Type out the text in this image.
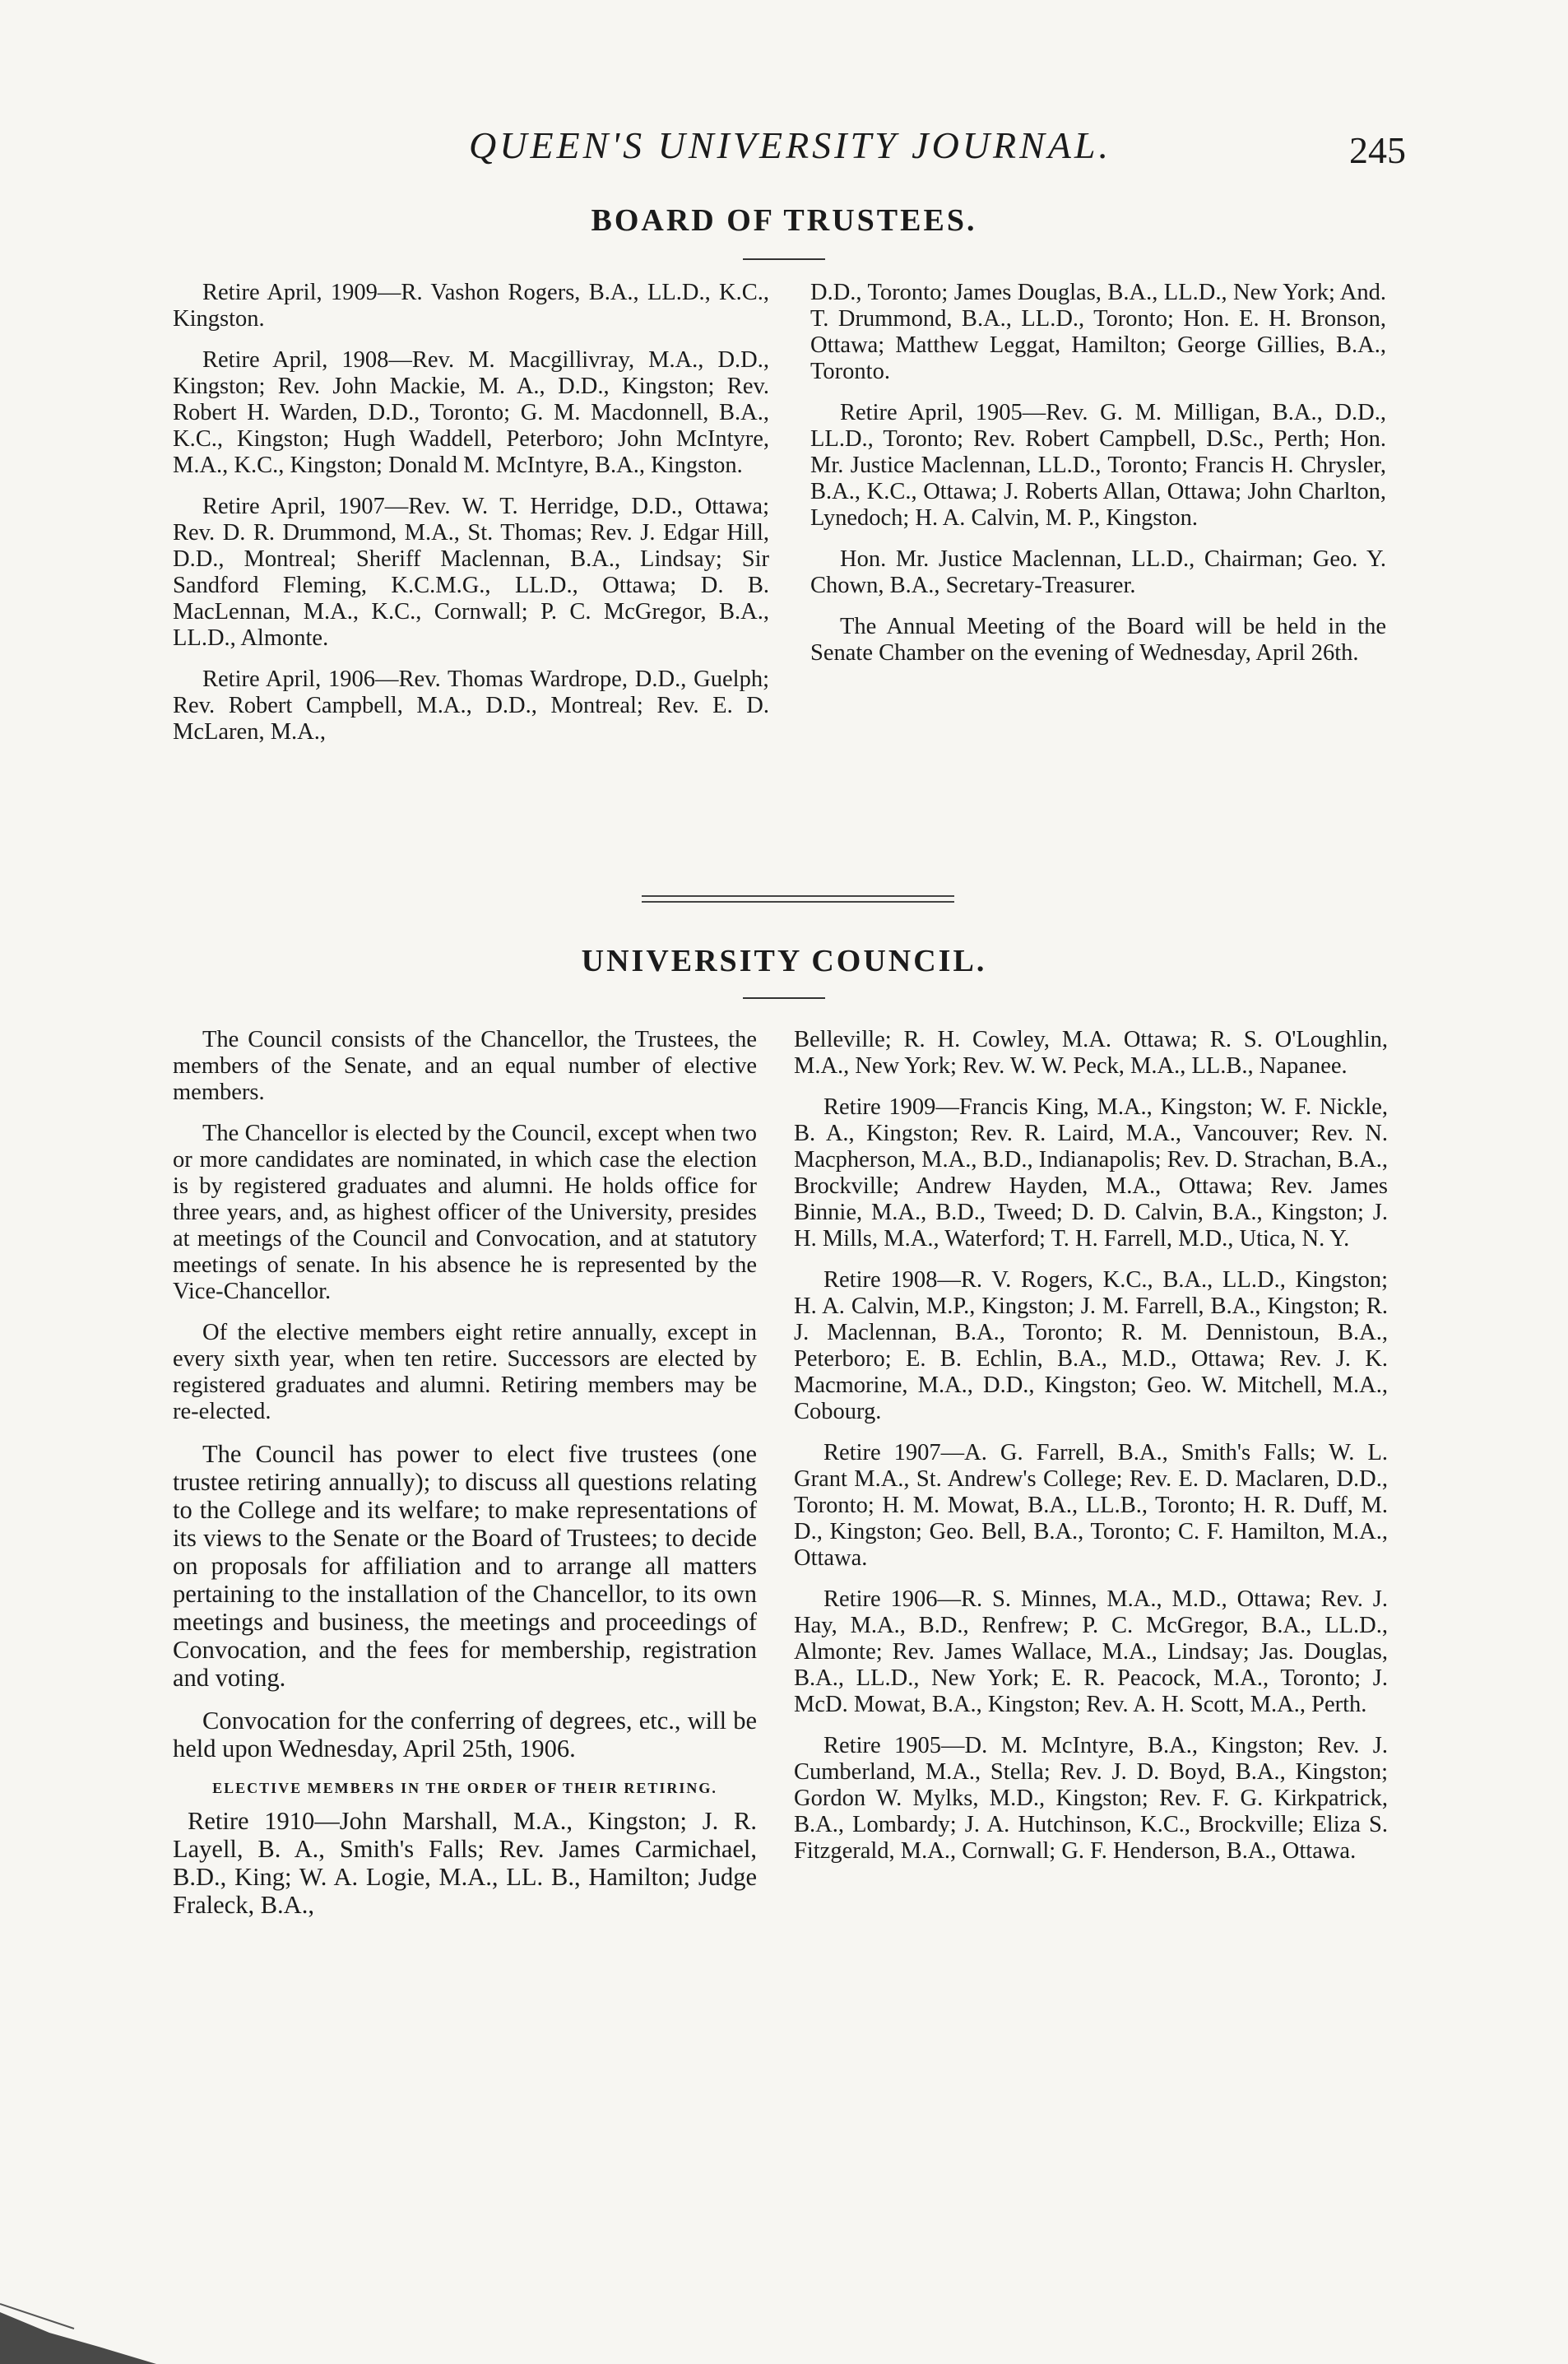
QUEEN'S UNIVERSITY JOURNAL.	245
BOARD OF TRUSTEES.

Retire April, 1909—R. Vashon Rogers, B.A., LL.D., K.C., Kingston.

Retire April, 1908—Rev. M. Macgillivray, M.A., D.D., Kingston; Rev. John Mackie, M. A., D.D., Kingston; Rev. Robert H. Warden, D.D., Toronto; G. M. Macdonnell, B.A., K.C., Kingston; Hugh Waddell, Peterboro; John McIntyre, M.A., K.C., Kingston; Donald M. McIntyre, B.A., Kingston.

Retire April, 1907—Rev. W. T. Herridge, D.D., Ottawa; Rev. D. R. Drummond, M.A., St. Thomas; Rev. J. Edgar Hill, D.D., Montreal; Sheriff Maclennan, B.A., Lindsay; Sir Sandford Fleming, K.C.M.G., LL.D., Ottawa; D. B. MacLennan, M.A., K.C., Cornwall; P. C. McGregor, B.A., LL.D., Almonte.

Retire April, 1906—Rev. Thomas Wardrope, D.D., Guelph; Rev. Robert Campbell, M.A., D.D., Montreal; Rev. E. D. McLaren, M.A.,

D.D., Toronto; James Douglas, B.A., LL.D., New York; And. T. Drummond, B.A., LL.D., Toronto; Hon. E. H. Bronson, Ottawa; Matthew Leggat, Hamilton; George Gillies, B.A., Toronto.

Retire April, 1905—Rev. G. M. Milligan, B.A., D.D., LL.D., Toronto; Rev. Robert Campbell, D.Sc., Perth; Hon. Mr. Justice Maclennan, LL.D., Toronto; Francis H. Chrysler, B.A., K.C., Ottawa; J. Roberts Allan, Ottawa; John Charlton, Lynedoch; H. A. Calvin, M. P., Kingston.

Hon. Mr. Justice Maclennan, LL.D., Chairman; Geo. Y. Chown, B.A., Secretary-Treasurer.

The Annual Meeting of the Board will be held in the Senate Chamber on the evening of Wednesday, April 26th.

UNIVERSITY COUNCIL.

The Council consists of the Chancellor, the Trustees, the members of the Senate, and an equal number of elective members.

The Chancellor is elected by the Council, except when two or more candidates are nominated, in which case the election is by registered graduates and alumni. He holds office for three years, and, as highest officer of the University, presides at meetings of the Council and Convocation, and at statutory meetings of senate. In his absence he is represented by the Vice-Chancellor.

Of the elective members eight retire annually, except in every sixth year, when ten retire. Successors are elected by registered graduates and alumni. Retiring members may be re-elected.

The Council has power to elect five trustees (one trustee retiring annually); to discuss all questions relating to the College and its welfare; to make representations of its views to the Senate or the Board of Trustees; to decide on proposals for affiliation and to arrange all matters pertaining to the installation of the Chancellor, to its own meetings and business, the meetings and proceedings of Convocation, and the fees for membership, registration and voting.

Convocation for the conferring of degrees, etc., will be held upon Wednesday, April 25th, 1906.

ELECTIVE MEMBERS IN THE ORDER OF THEIR RETIRING.

Retire 1910—John Marshall, M.A., Kingston; J. R. Layell, B. A., Smith's Falls; Rev. James Carmichael, B.D., King; W. A. Logie, M.A., LL. B., Hamilton; Judge Fraleck, B.A.,

Belleville; R. H. Cowley, M.A. Ottawa; R. S. O'Loughlin, M.A., New York; Rev. W. W. Peck, M.A., LL.B., Napanee.

Retire 1909—Francis King, M.A., Kingston; W. F. Nickle, B. A., Kingston; Rev. R. Laird, M.A., Vancouver; Rev. N. Macpherson, M.A., B.D., Indianapolis; Rev. D. Strachan, B.A., Brockville; Andrew Hayden, M.A., Ottawa; Rev. James Binnie, M.A., B.D., Tweed; D. D. Calvin, B.A., Kingston; J. H. Mills, M.A., Waterford; T. H. Farrell, M.D., Utica, N. Y.

Retire 1908—R. V. Rogers, K.C., B.A., LL.D., Kingston; H. A. Calvin, M.P., Kingston; J. M. Farrell, B.A., Kingston; R. J. Maclennan, B.A., Toronto; R. M. Dennistoun, B.A., Peterboro; E. B. Echlin, B.A., M.D., Ottawa; Rev. J. K. Macmorine, M.A., D.D., Kingston; Geo. W. Mitchell, M.A., Cobourg.

Retire 1907—A. G. Farrell, B.A., Smith's Falls; W. L. Grant M.A., St. Andrew's College; Rev. E. D. Maclaren, D.D., Toronto; H. M. Mowat, B.A., LL.B., Toronto; H. R. Duff, M. D., Kingston; Geo. Bell, B.A., Toronto; C. F. Hamilton, M.A., Ottawa.

Retire 1906—R. S. Minnes, M.A., M.D., Ottawa; Rev. J. Hay, M.A., B.D., Renfrew; P. C. McGregor, B.A., LL.D., Almonte; Rev. James Wallace, M.A., Lindsay; Jas. Douglas, B.A., LL.D., New York; E. R. Peacock, M.A., Toronto; J. McD. Mowat, B.A., Kingston; Rev. A. H. Scott, M.A., Perth.

Retire 1905—D. M. McIntyre, B.A., Kingston; Rev. J. Cumberland, M.A., Stella; Rev. J. D. Boyd, B.A., Kingston; Gordon W. Mylks, M.D., Kingston; Rev. F. G. Kirkpatrick, B.A., Lombardy; J. A. Hutchinson, K.C., Brockville; Eliza S. Fitzgerald, M.A., Cornwall; G. F. Henderson, B.A., Ottawa.
